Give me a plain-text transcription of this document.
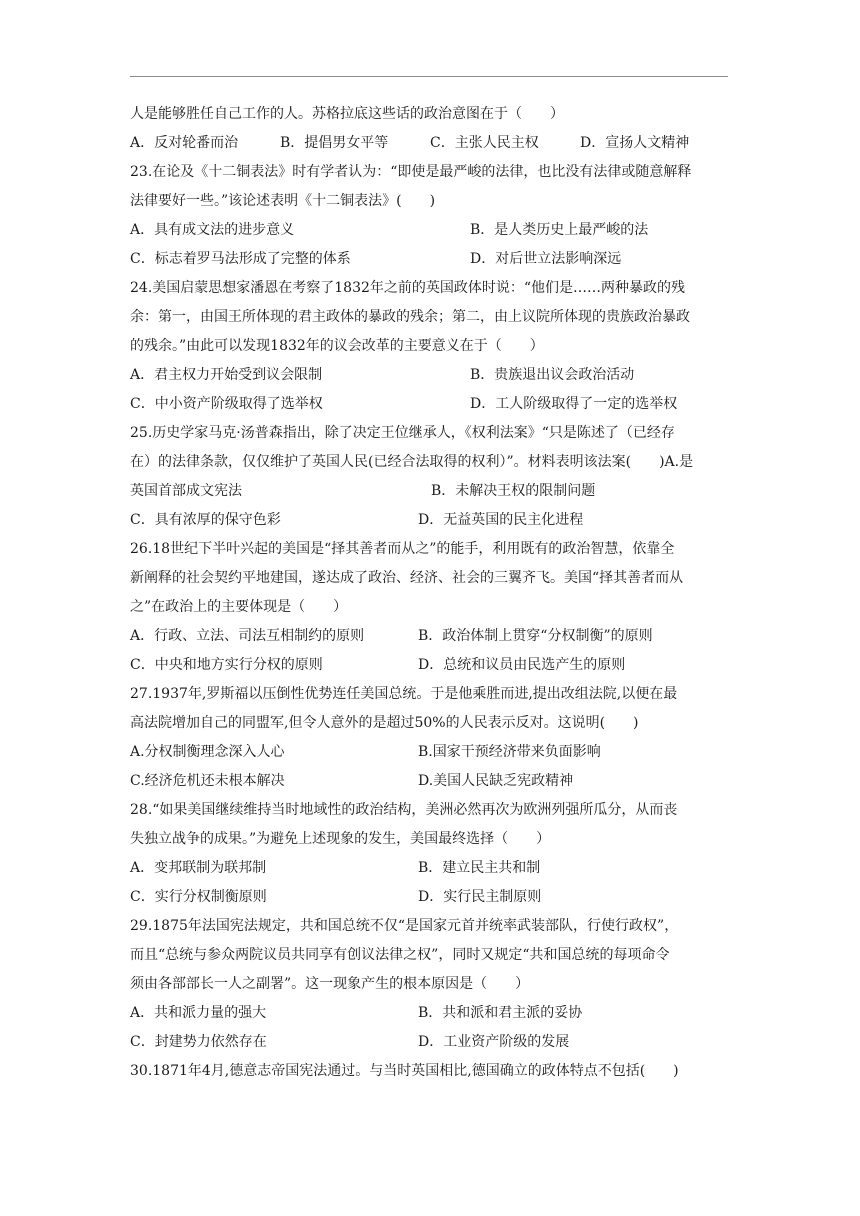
人是能够胜任自己工作的人。苏格拉底这些话的政治意图在于（　　）
A．反对轮番而治	B．提倡男女平等	C．主张人民主权	D．宣扬人文精神
23.在论及《十二铜表法》时有学者认为：“即使是最严峻的法律，也比没有法律或随意解释
法律要好一些。”该论述表明《十二铜表法》(　　)
A．具有成文法的进步意义	B．是人类历史上最严峻的法
C．标志着罗马法形成了完整的体系	D．对后世立法影响深远
24.美国启蒙思想家潘恩在考察了1832年之前的英国政体时说：“他们是……两种暴政的残
余：第一，由国王所体现的君主政体的暴政的残余；第二，由上议院所体现的贵族政治暴政
的残余。”由此可以发现1832年的议会改革的主要意义在于（　　）
A．君主权力开始受到议会限制	B．贵族退出议会政治活动
C．中小资产阶级取得了选举权	D．工人阶级取得了一定的选举权
25.历史学家马克·汤普森指出，除了决定王位继承人，《权利法案》“只是陈述了（已经存
在）的法律条款，仅仅维护了英国人民(已经合法取得的权利）”。材料表明该法案(　　)A.是
英国首部成文宪法	B．未解决王权的限制问题
C．具有浓厚的保守色彩	D．无益英国的民主化进程
26.18世纪下半叶兴起的美国是“择其善者而从之”的能手，利用既有的政治智慧，依靠全
新阐释的社会契约平地建国，遂达成了政治、经济、社会的三翼齐飞。美国“择其善者而从
之”在政治上的主要体现是（　　）
A．行政、立法、司法互相制约的原则	B．政治体制上贯穿“分权制衡”的原则
C．中央和地方实行分权的原则	D．总统和议员由民选产生的原则
27.1937年,罗斯福以压倒性优势连任美国总统。于是他乘胜而进,提出改组法院,以便在最
高法院增加自己的同盟军,但令人意外的是超过50%的人民表示反对。这说明(　　)
A.分权制衡理念深入人心	B.国家干预经济带来负面影响
C.经济危机还未根本解决	D.美国人民缺乏宪政精神
28.“如果美国继续维持当时地域性的政治结构，美洲必然再次为欧洲列强所瓜分，从而丧
失独立战争的成果。”为避免上述现象的发生，美国最终选择（　　）
A．变邦联制为联邦制	B．建立民主共和制
C．实行分权制衡原则	D．实行民主制原则
29.1875年法国宪法规定，共和国总统不仅“是国家元首并统率武装部队，行使行政权”，
而且“总统与参众两院议员共同享有创议法律之权”，同时又规定“共和国总统的每项命令
须由各部部长一人之副署”。这一现象产生的根本原因是（　　）
A．共和派力量的强大	B．共和派和君主派的妥协
C．封建势力依然存在	D．工业资产阶级的发展
30.1871年4月,德意志帝国宪法通过。与当时英国相比,德国确立的政体特点不包括(　　)
